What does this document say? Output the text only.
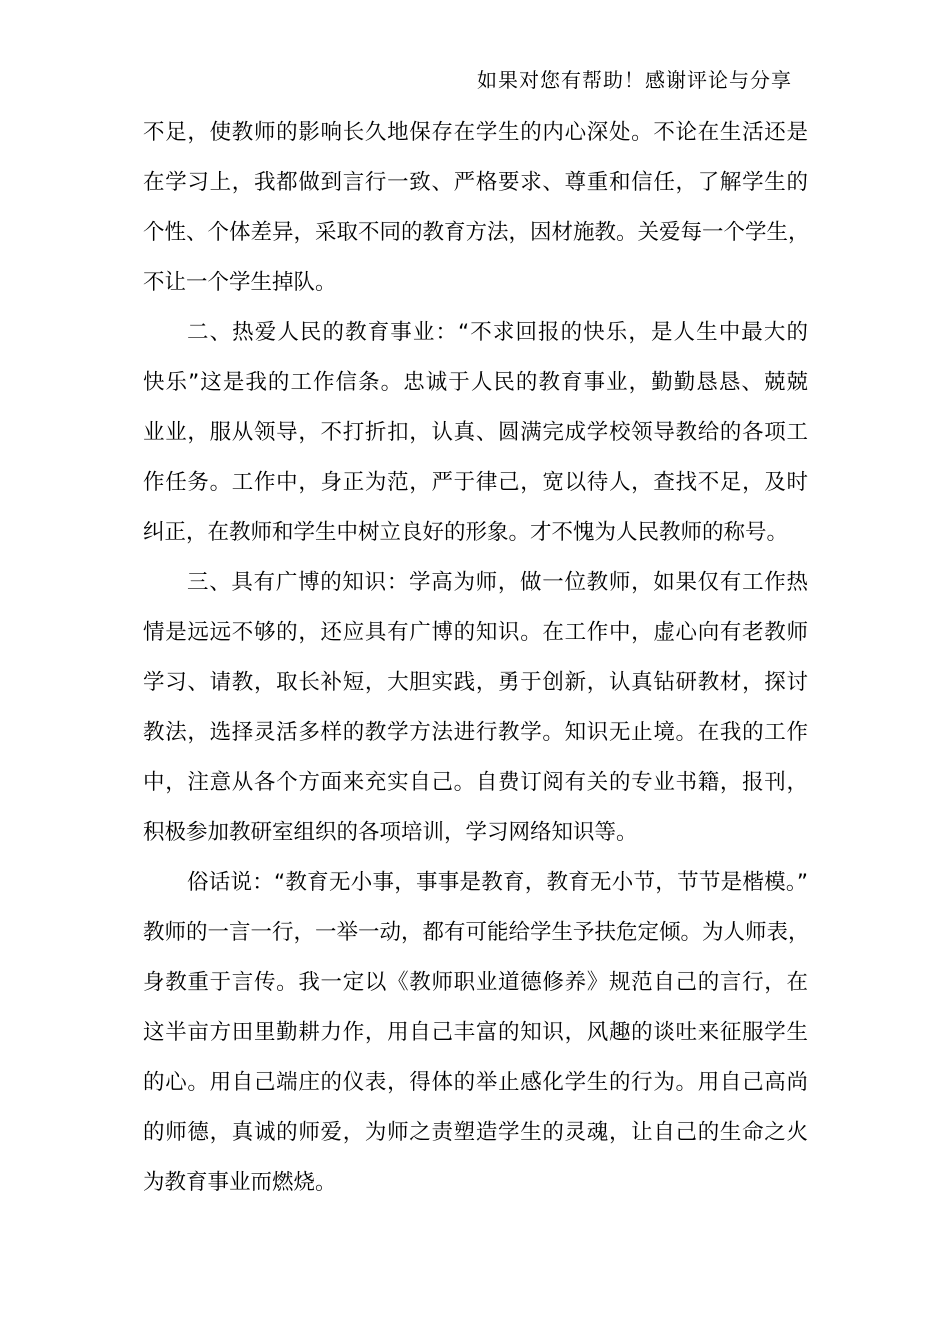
如果对您有帮助！感谢评论与分享
不足，使教师的影响长久地保存在学生的内心深处。不论在生活还是
在学习上，我都做到言行一致、严格要求、尊重和信任，了解学生的
个性、个体差异，采取不同的教育方法，因材施教。关爱每一个学生，
不让一个学生掉队。
二、热爱人民的教育事业：“不求回报的快乐，是人生中最大的
快乐”这是我的工作信条。忠诚于人民的教育事业，勤勤恳恳、兢兢
业业，服从领导，不打折扣，认真、圆满完成学校领导教给的各项工
作任务。工作中，身正为范，严于律己，宽以待人，查找不足，及时
纠正，在教师和学生中树立良好的形象。才不愧为人民教师的称号。
三、具有广博的知识：学高为师，做一位教师，如果仅有工作热
情是远远不够的，还应具有广博的知识。在工作中，虚心向有老教师
学习、请教，取长补短，大胆实践，勇于创新，认真钻研教材，探讨
教法，选择灵活多样的教学方法进行教学。知识无止境。在我的工作
中，注意从各个方面来充实自己。自费订阅有关的专业书籍，报刊，
积极参加教研室组织的各项培训，学习网络知识等。
俗话说：“教育无小事，事事是教育，教育无小节，节节是楷模。”
教师的一言一行，一举一动，都有可能给学生予扶危定倾。为人师表，
身教重于言传。我一定以《教师职业道德修养》规范自己的言行，在
这半亩方田里勤耕力作，用自己丰富的知识，风趣的谈吐来征服学生
的心。用自己端庄的仪表，得体的举止感化学生的行为。用自己高尚
的师德，真诚的师爱，为师之责塑造学生的灵魂，让自己的生命之火
为教育事业而燃烧。
